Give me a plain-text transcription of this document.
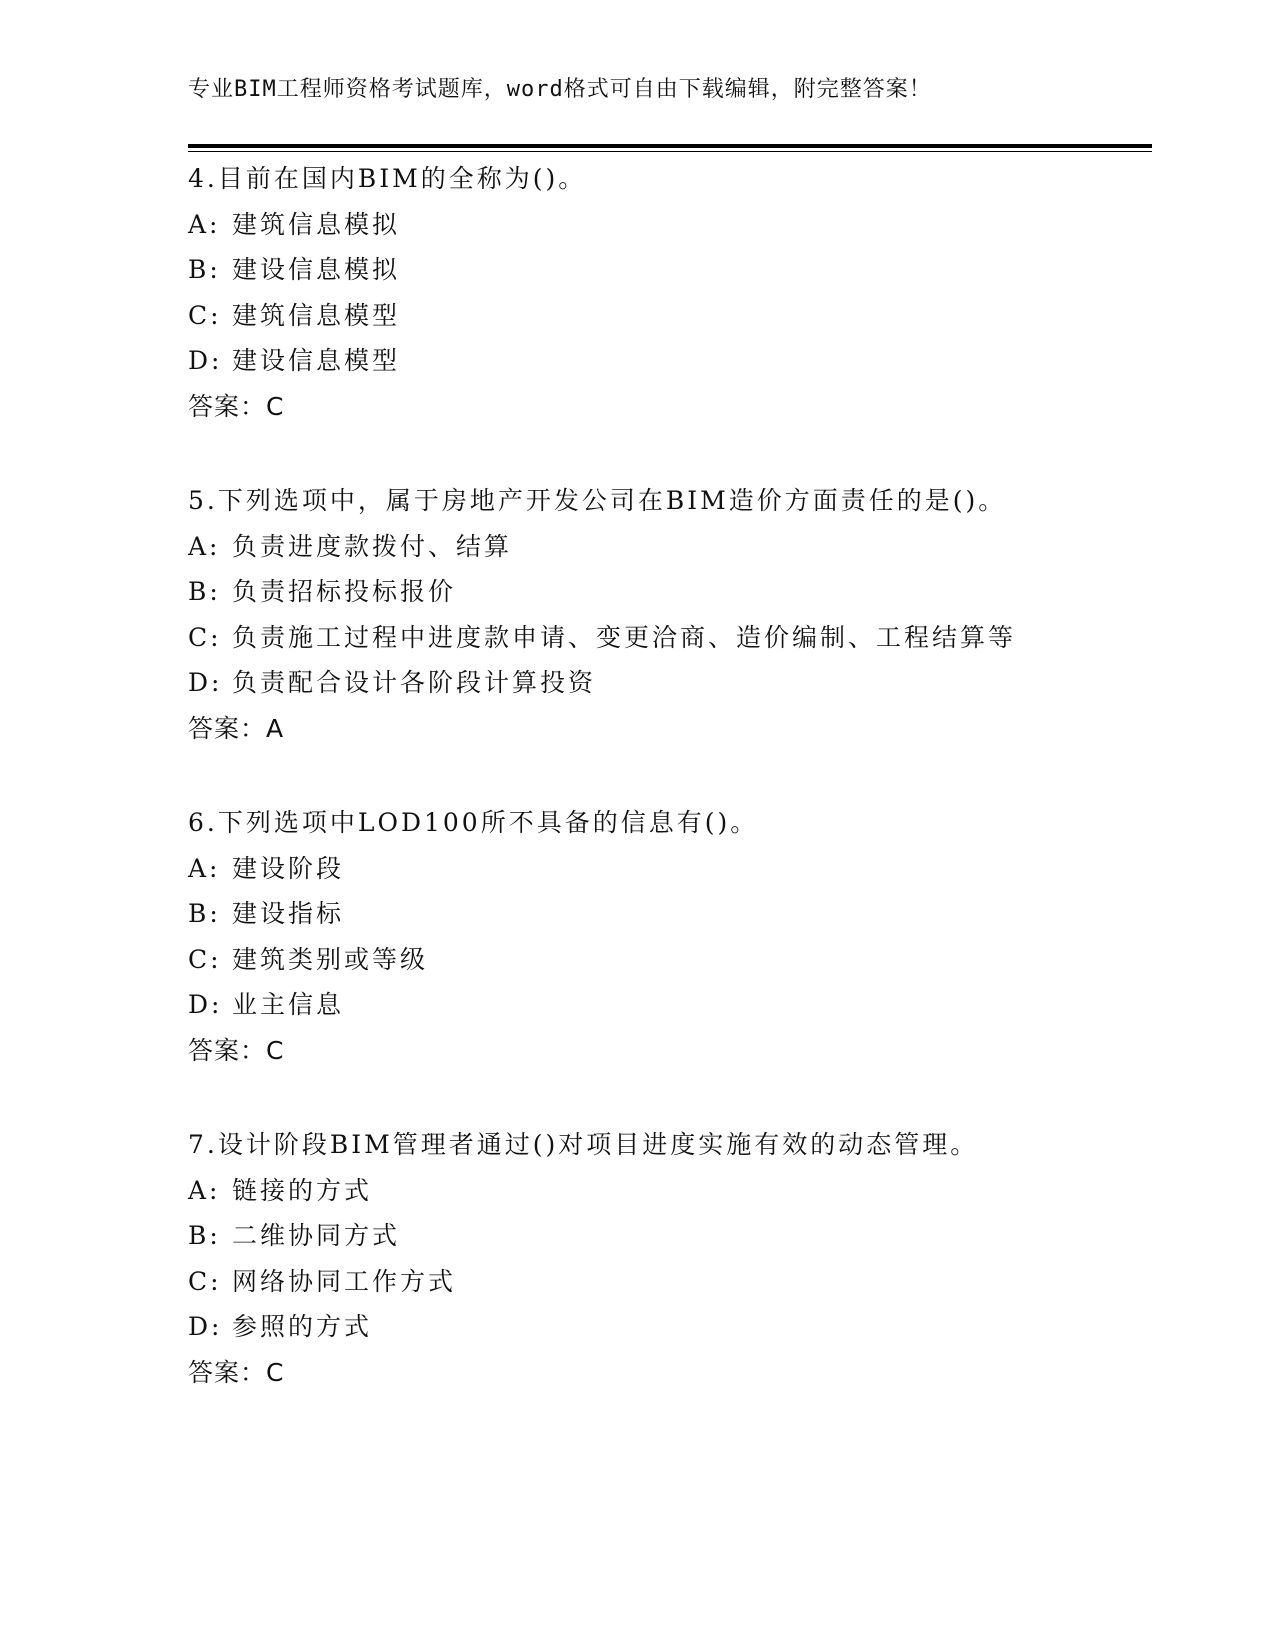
专业BIM工程师资格考试题库，word格式可自由下载编辑，附完整答案！
4.目前在国内BIM的全称为()。
A: 建筑信息模拟
B: 建设信息模拟
C: 建筑信息模型
D: 建设信息模型
答案：C
5.下列选项中，属于房地产开发公司在BIM造价方面责任的是()。
A: 负责进度款拨付、结算
B: 负责招标投标报价
C: 负责施工过程中进度款申请、变更洽商、造价编制、工程结算等
D: 负责配合设计各阶段计算投资
答案：A
6.下列选项中LOD100所不具备的信息有()。
A: 建设阶段
B: 建设指标
C: 建筑类别或等级
D: 业主信息
答案：C
7.设计阶段BIM管理者通过()对项目进度实施有效的动态管理。
A: 链接的方式
B: 二维协同方式
C: 网络协同工作方式
D: 参照的方式
答案：C
